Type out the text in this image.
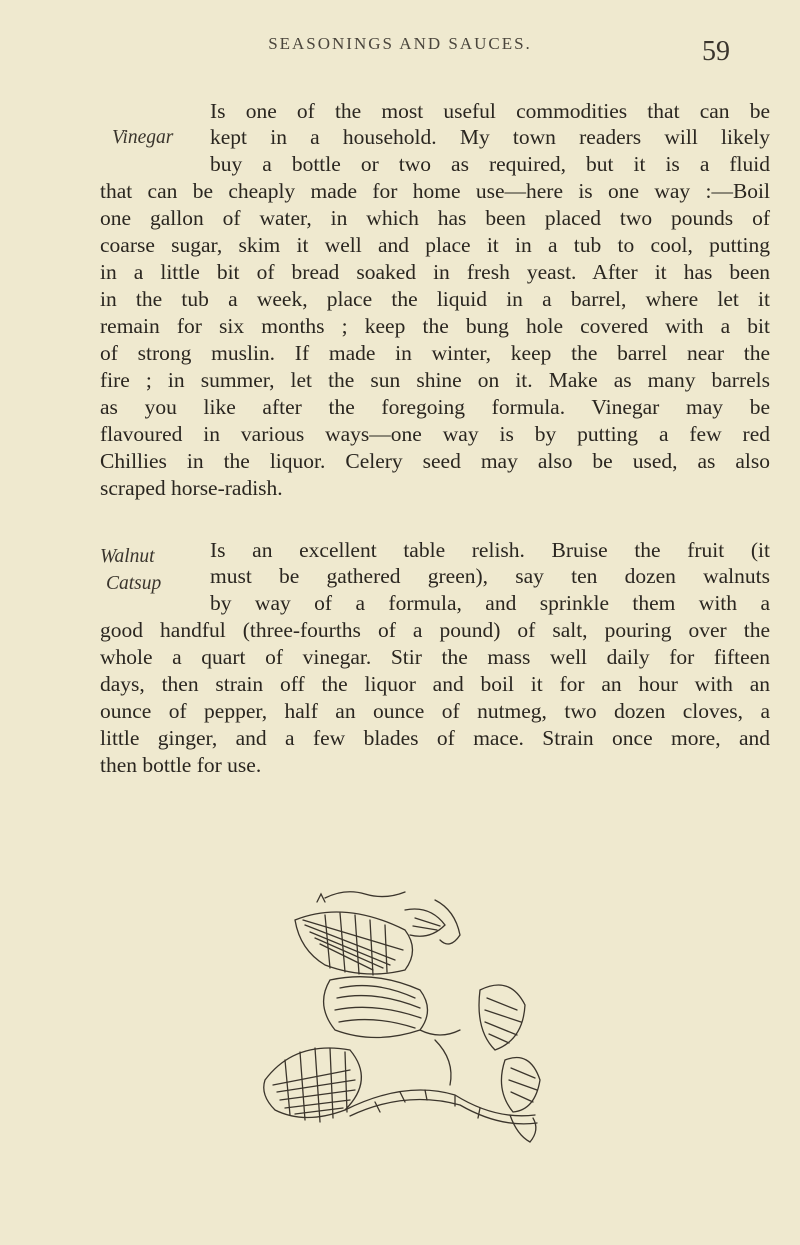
SEASONINGS AND SAUCES.	59
Vinegar
Is one of the most useful commodities that can be
kept in a household. My town readers will likely
buy a bottle or two as required, but it is a fluid
that can be cheaply made for home use—here is one way :—Boil
one gallon of water, in which has been placed two pounds of
coarse sugar, skim it well and place it in a tub to cool, putting
in a little bit of bread soaked in fresh yeast. After it has been
in the tub a week, place the liquid in a barrel, where let it
remain for six months ; keep the bung hole covered with a bit
of strong muslin. If made in winter, keep the barrel near the
fire ; in summer, let the sun shine on it. Make as many barrels
as you like after the foregoing formula. Vinegar may be
flavoured in various ways—one way is by putting a few red
Chillies in the liquor. Celery seed may also be used, as also
scraped horse-radish.
Walnut
Catsup
Is an excellent table relish. Bruise the fruit (it
must be gathered green), say ten dozen walnuts
by way of a formula, and sprinkle them with a
good handful (three-fourths of a pound) of salt, pouring over the
whole a quart of vinegar. Stir the mass well daily for fifteen
days, then strain off the liquor and boil it for an hour with an
ounce of pepper, half an ounce of nutmeg, two dozen cloves, a
little ginger, and a few blades of mace. Strain once more, and
then bottle for use.
